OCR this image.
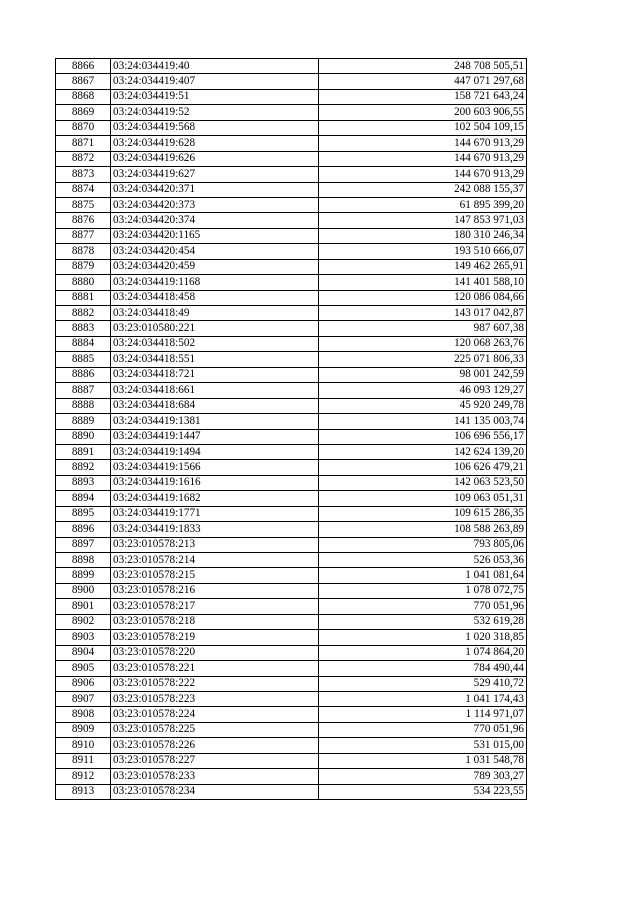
8866	03:24:034419:40	248 708 505,51
8867	03:24:034419:407	447 071 297,68
8868	03:24:034419:51	158 721 643,24
8869	03:24:034419:52	200 603 906,55
8870	03:24:034419:568	102 504 109,15
8871	03:24:034419:628	144 670 913,29
8872	03:24:034419:626	144 670 913,29
8873	03:24:034419:627	144 670 913,29
8874	03:24:034420:371	242 088 155,37
8875	03:24:034420:373	61 895 399,20
8876	03:24:034420:374	147 853 971,03
8877	03:24:034420:1165	180 310 246,34
8878	03:24:034420:454	193 510 666,07
8879	03:24:034420:459	149 462 265,91
8880	03:24:034419:1168	141 401 588,10
8881	03:24:034418:458	120 086 084,66
8882	03:24:034418:49	143 017 042,87
8883	03:23:010580:221	987 607,38
8884	03:24:034418:502	120 068 263,76
8885	03:24:034418:551	225 071 806,33
8886	03:24:034418:721	98 001 242,59
8887	03:24:034418:661	46 093 129,27
8888	03:24:034418:684	45 920 249,78
8889	03:24:034419:1381	141 135 003,74
8890	03:24:034419:1447	106 696 556,17
8891	03:24:034419:1494	142 624 139,20
8892	03:24:034419:1566	106 626 479,21
8893	03:24:034419:1616	142 063 523,50
8894	03:24:034419:1682	109 063 051,31
8895	03:24:034419:1771	109 615 286,35
8896	03:24:034419:1833	108 588 263,89
8897	03:23:010578:213	793 805,06
8898	03:23:010578:214	526 053,36
8899	03:23:010578:215	1 041 081,64
8900	03:23:010578:216	1 078 072,75
8901	03:23:010578:217	770 051,96
8902	03:23:010578:218	532 619,28
8903	03:23:010578:219	1 020 318,85
8904	03:23:010578:220	1 074 864,20
8905	03:23:010578:221	784 490,44
8906	03:23:010578:222	529 410,72
8907	03:23:010578:223	1 041 174,43
8908	03:23:010578:224	1 114 971,07
8909	03:23:010578:225	770 051,96
8910	03:23:010578:226	531 015,00
8911	03:23:010578:227	1 031 548,78
8912	03:23:010578:233	789 303,27
8913	03:23:010578:234	534 223,55
